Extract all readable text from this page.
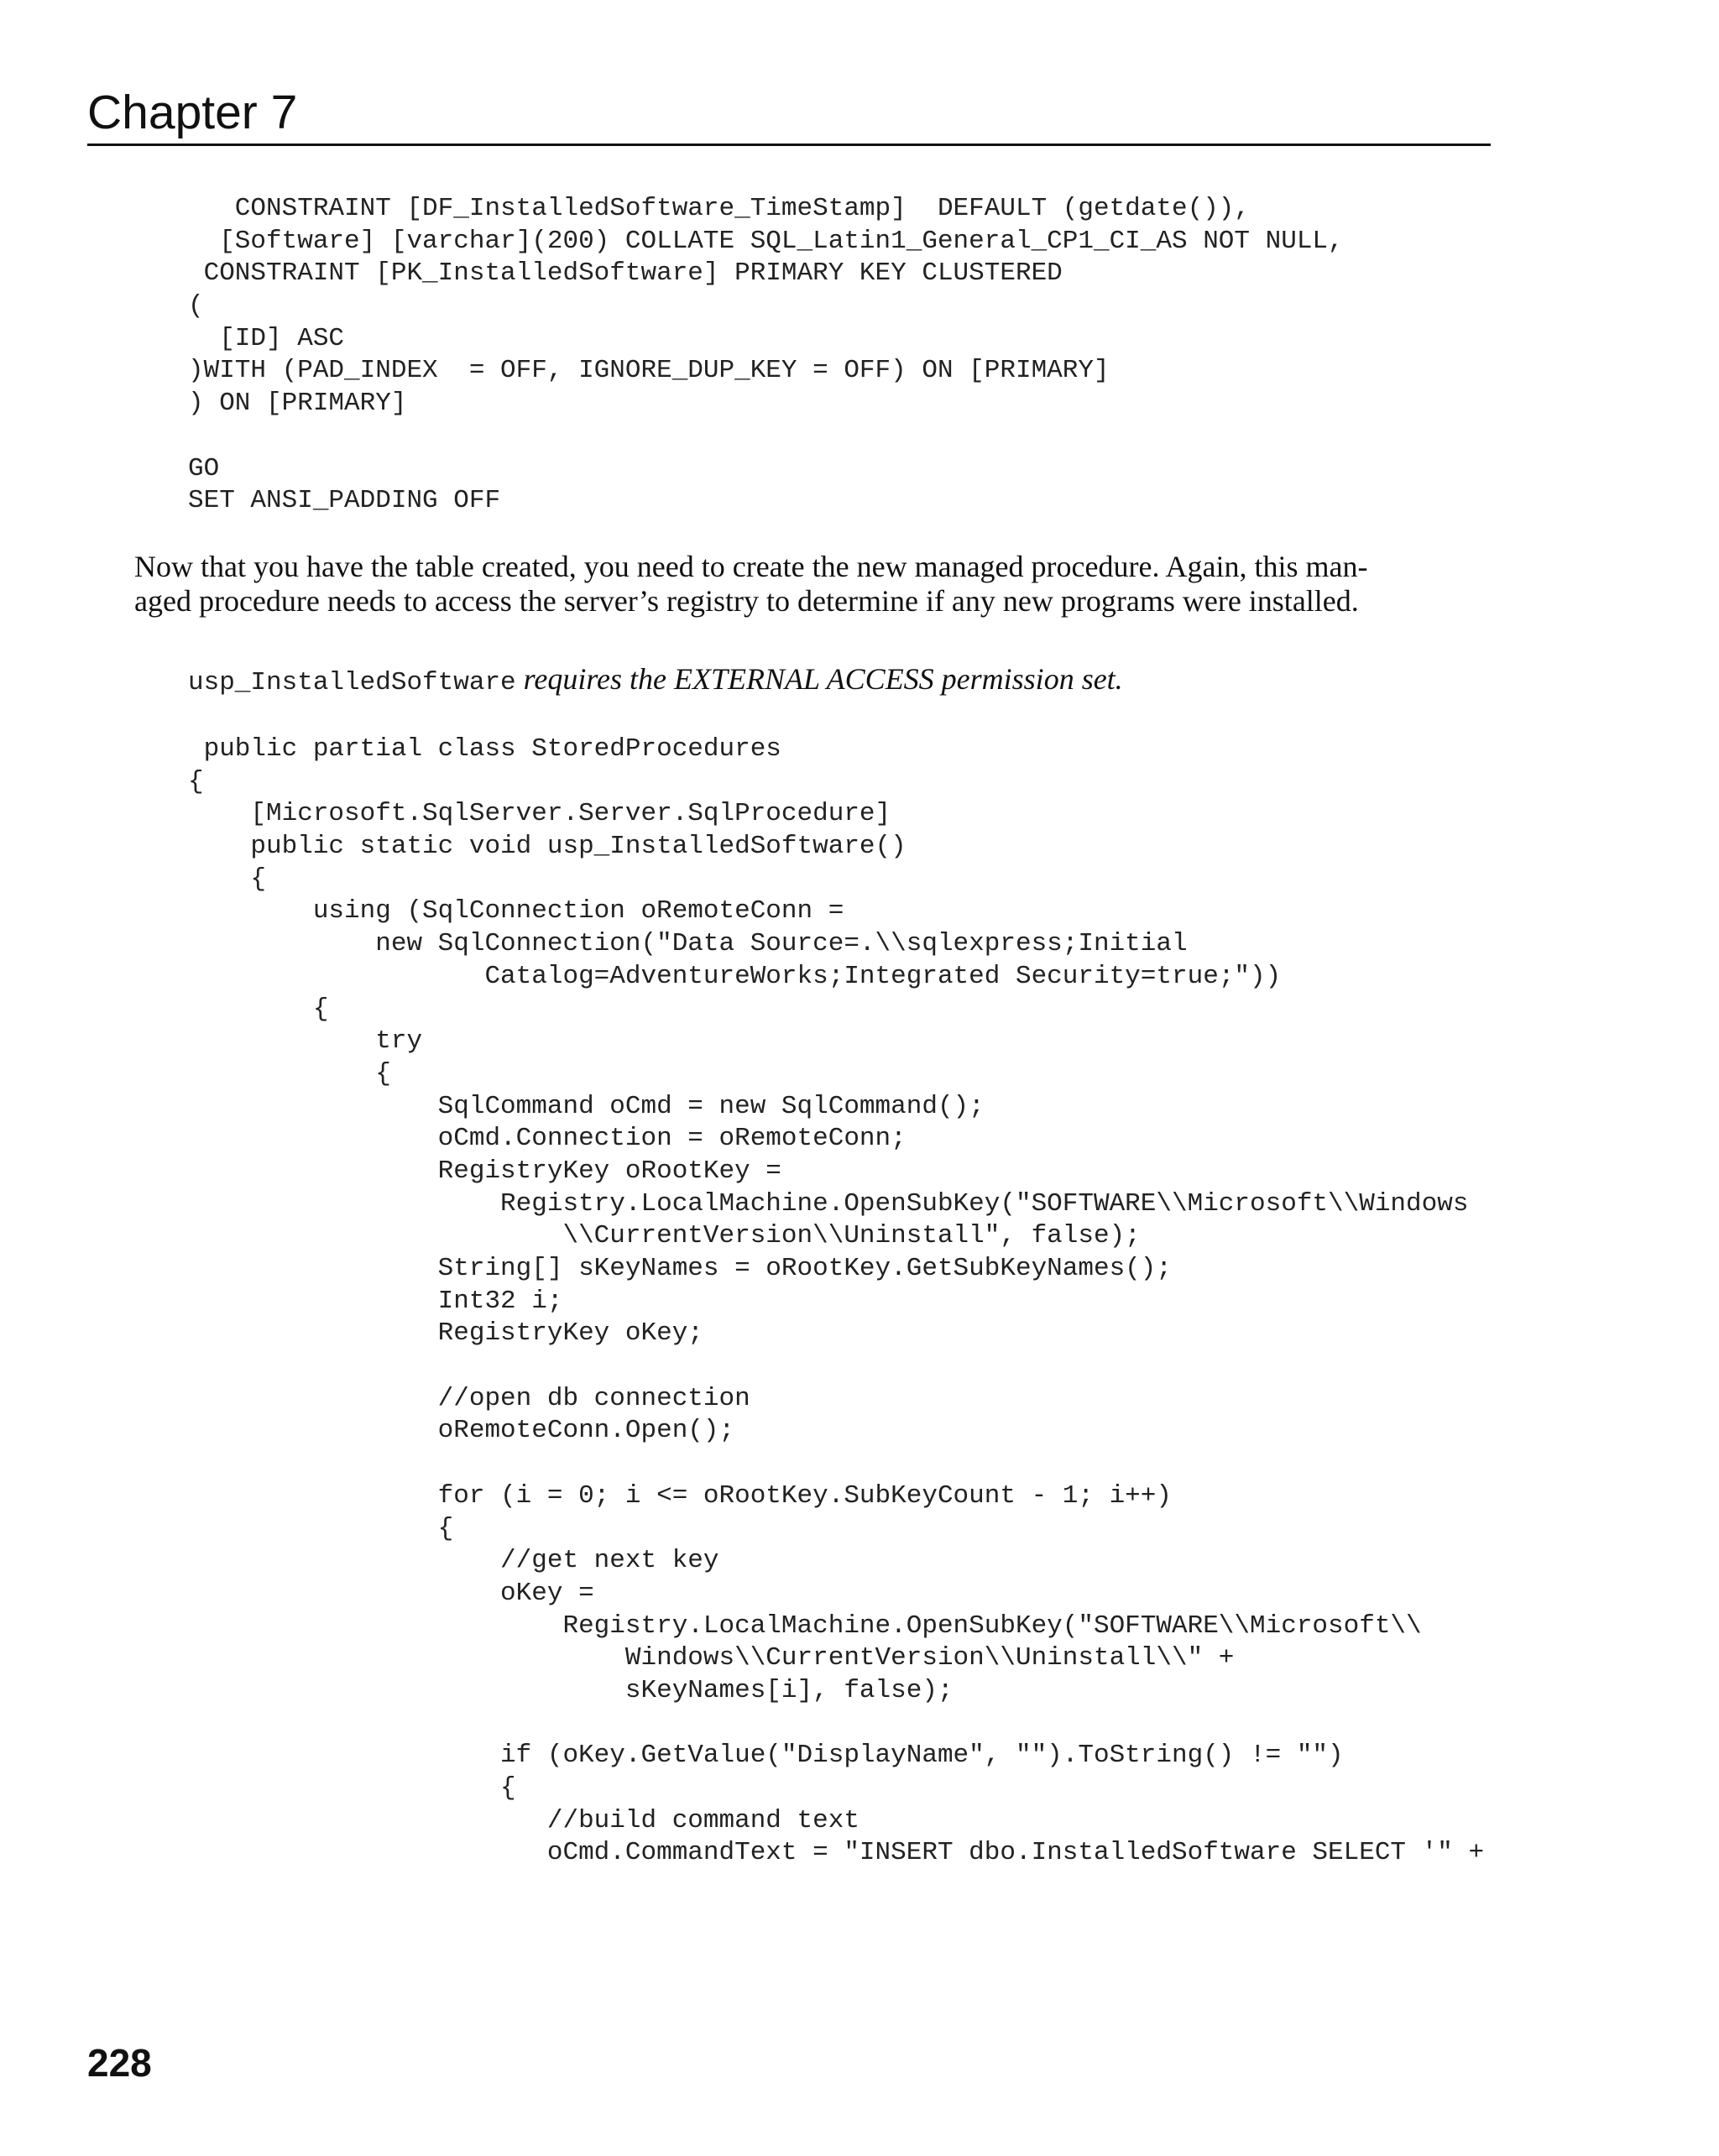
Chapter 7
CONSTRAINT [DF_InstalledSoftware_TimeStamp]  DEFAULT (getdate()),
[Software] [varchar](200) COLLATE SQL_Latin1_General_CP1_CI_AS NOT NULL,
CONSTRAINT [PK_InstalledSoftware] PRIMARY KEY CLUSTERED
(
[ID] ASC
)WITH (PAD_INDEX  = OFF, IGNORE_DUP_KEY = OFF) ON [PRIMARY]
) ON [PRIMARY]
GO
SET ANSI_PADDING OFF
Now that you have the table created, you need to create the new managed procedure. Again, this man-
aged procedure needs to access the server’s registry to determine if any new programs were installed.
usp_InstalledSoftware requires the EXTERNAL ACCESS permission set.
public partial class StoredProcedures
{
[Microsoft.SqlServer.Server.SqlProcedure]
public static void usp_InstalledSoftware()
{
using (SqlConnection oRemoteConn =
new SqlConnection("Data Source=.\\sqlexpress;Initial
Catalog=AdventureWorks;Integrated Security=true;"))
{
try
{
SqlCommand oCmd = new SqlCommand();
oCmd.Connection = oRemoteConn;
RegistryKey oRootKey =
Registry.LocalMachine.OpenSubKey("SOFTWARE\\Microsoft\\Windows
\\CurrentVersion\\Uninstall", false);
String[] sKeyNames = oRootKey.GetSubKeyNames();
Int32 i;
RegistryKey oKey;
//open db connection
oRemoteConn.Open();
for (i = 0; i <= oRootKey.SubKeyCount - 1; i++)
{
//get next key
oKey =
Registry.LocalMachine.OpenSubKey("SOFTWARE\\Microsoft\\
Windows\\CurrentVersion\\Uninstall\\" +
sKeyNames[i], false);
if (oKey.GetValue("DisplayName", "").ToString() != "")
{
//build command text
oCmd.CommandText = "INSERT dbo.InstalledSoftware SELECT '" +
228
